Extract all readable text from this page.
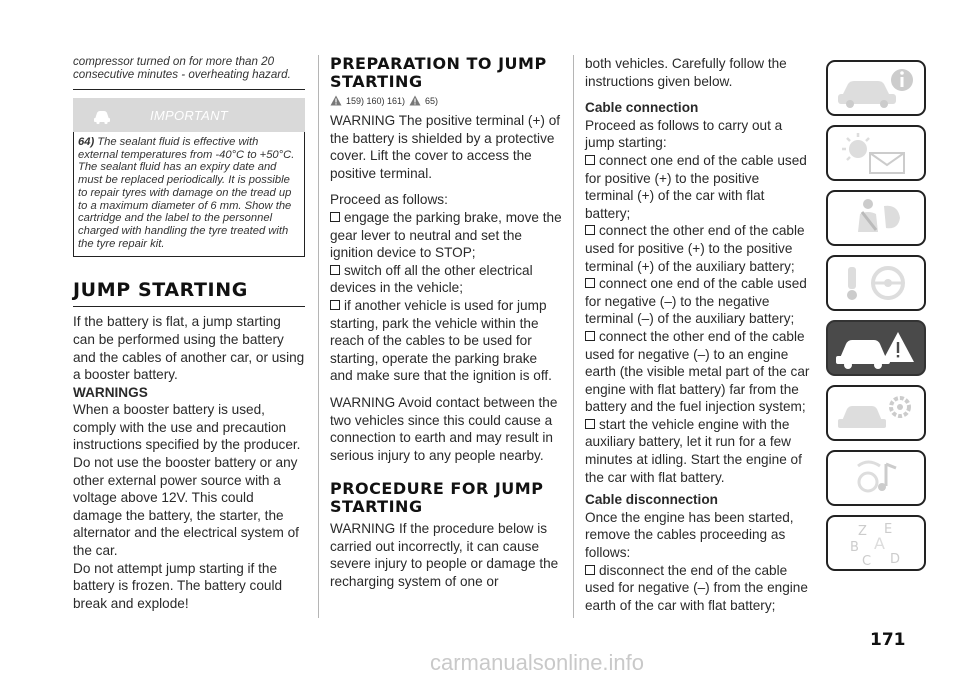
compressor turned on for more than 20 consecutive minutes - overheating hazard.
IMPORTANT
64) The sealant fluid is effective with external temperatures from -40°C to +50°C. The sealant fluid has an expiry date and must be replaced periodically. It is possible to repair tyres with damage on the tread up to a maximum diameter of 6 mm. Show the cartridge and the label to the personnel charged with handling the tyre treated with the tyre repair kit.
JUMP STARTING

If the battery is flat, a jump starting can be performed using the battery and the cables of another car, or using a booster battery.

WARNINGS

When a booster battery is used, comply with the use and precaution instructions specified by the producer.

Do not use the booster battery or any other external power source with a voltage above 12V. This could damage the battery, the starter, the alternator and the electrical system of the car.

Do not attempt jump starting if the battery is frozen. The battery could break and explode!

PREPARATION TO JUMP STARTING
159) 160) 161) 65)

WARNING The positive terminal (+) of the battery is shielded by a protective cover. Lift the cover to access the positive terminal.

Proceed as follows:

engage the parking brake, move the gear lever to neutral and set the ignition device to STOP;

switch off all the other electrical devices in the vehicle;

if another vehicle is used for jump starting, park the vehicle within the reach of the cables to be used for starting, operate the parking brake and make sure that the ignition is off.

WARNING Avoid contact between the two vehicles since this could cause a connection to earth and may result in serious injury to any people nearby.

PROCEDURE FOR JUMP STARTING

WARNING If the procedure below is carried out incorrectly, it can cause severe injury to people or damage the recharging system of one or

both vehicles. Carefully follow the instructions given below.

Cable connection

Proceed as follows to carry out a jump starting:

connect one end of the cable used for positive (+) to the positive terminal (+) of the car with flat battery;

connect the other end of the cable used for positive (+) to the positive terminal (+) of the auxiliary battery;

connect one end of the cable used for negative (–) to the negative terminal (–) of the auxiliary battery;

connect the other end of the cable used for negative (–) to an engine earth (the visible metal part of the car engine with flat battery) far from the battery and the fuel injection system;

start the vehicle engine with the auxiliary battery, let it run for a few minutes at idling. Start the engine of the car with flat battery.

Cable disconnection

Once the engine has been started, remove the cables proceeding as follows:

disconnect the end of the cable used for negative (–) from the engine earth of the car with flat battery;

Z E
B A
C D
171
carmanualsonline.info
